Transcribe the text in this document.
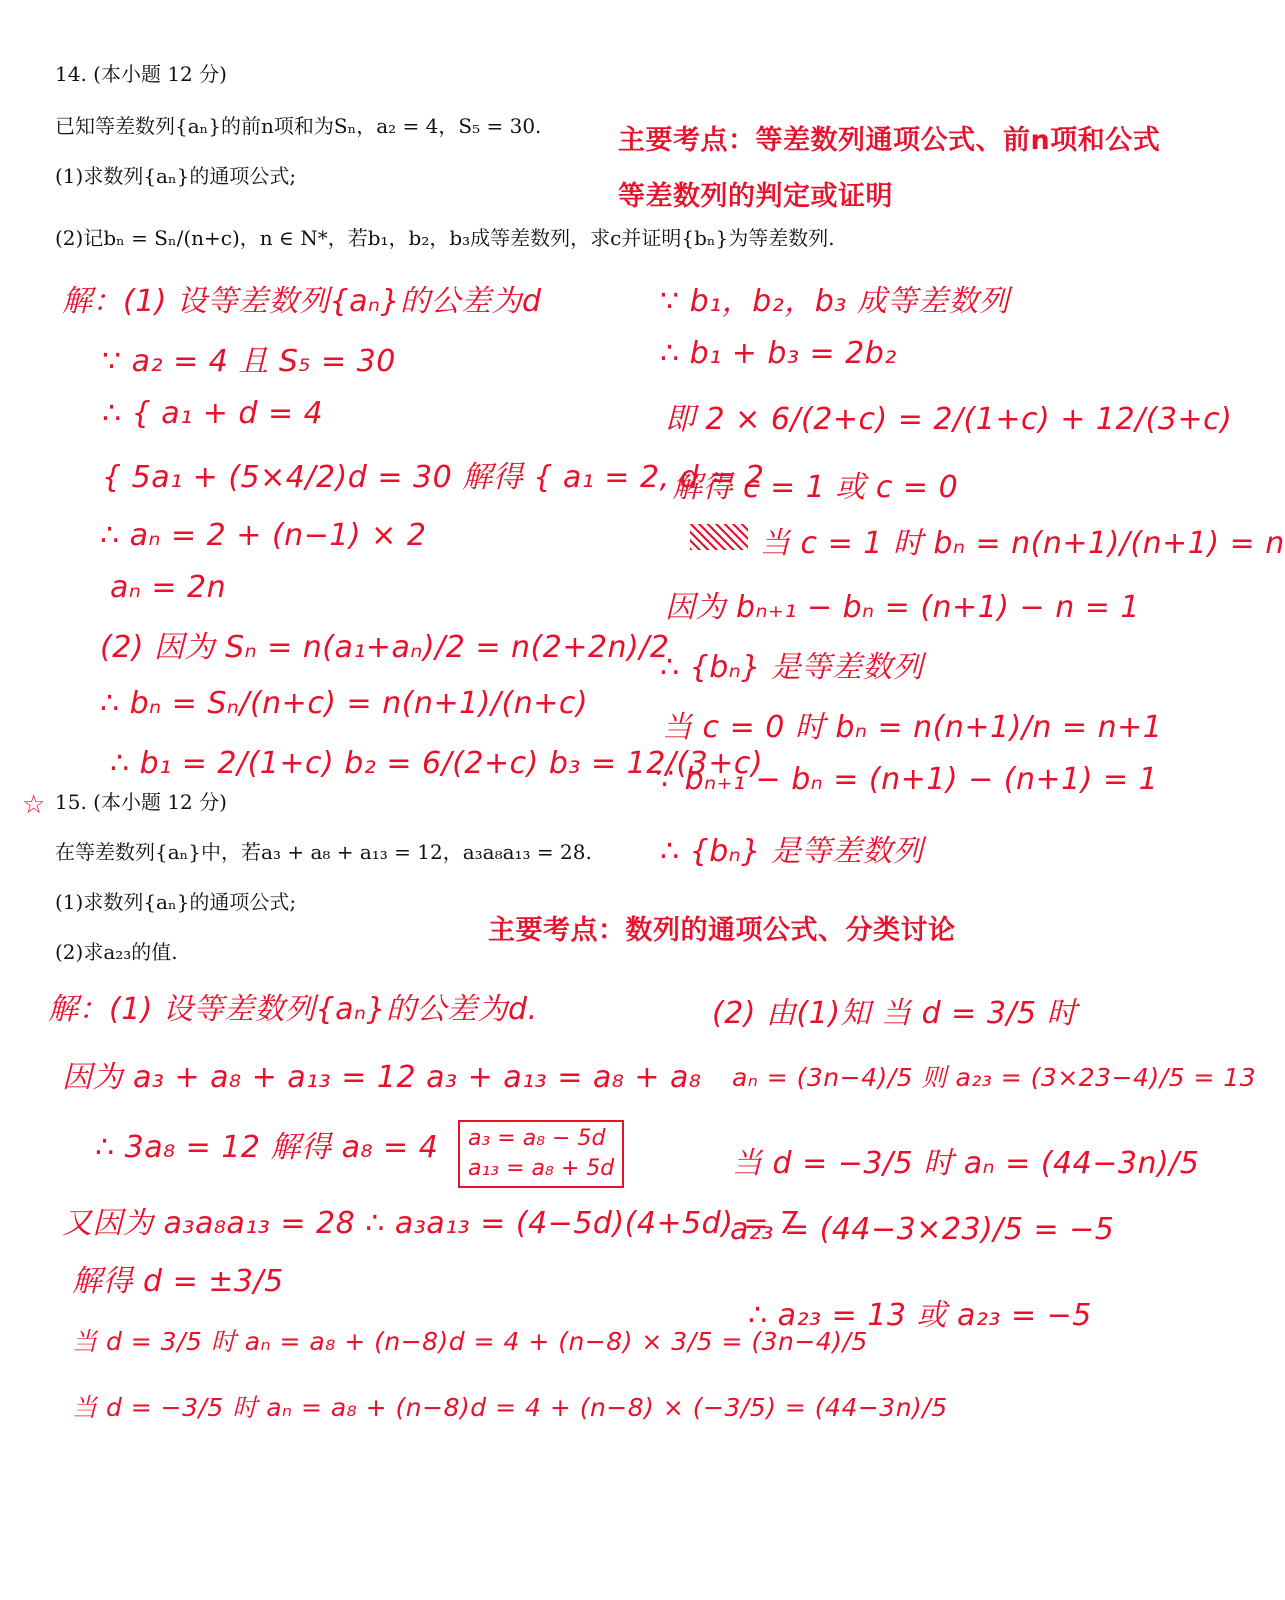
14. (本小题 12 分)
已知等差数列{aₙ}的前n项和为Sₙ，a₂ = 4，S₅ = 30.
(1)求数列{aₙ}的通项公式;
(2)记bₙ = Sₙ/(n+c)，n ∈ N*，若b₁，b₂，b₃成等差数列，求c并证明{bₙ}为等差数列.
主要考点：等差数列通项公式、前n项和公式
等差数列的判定或证明
解：(1) 设等差数列{aₙ}的公差为d
∵ a₂ = 4 且 S₅ = 30
∴ { a₁ + d = 4
{ 5a₁ + (5×4/2)d = 30 解得 { a₁ = 2, d = 2
∴ aₙ = 2 + (n−1) × 2
aₙ = 2n
(2) 因为 Sₙ = n(a₁+aₙ)/2 = n(2+2n)/2
∴ bₙ = Sₙ/(n+c) = n(n+1)/(n+c)
∴ b₁ = 2/(1+c) b₂ = 6/(2+c) b₃ = 12/(3+c)
∵ b₁，b₂，b₃ 成等差数列
∴ b₁ + b₃ = 2b₂
即 2 × 6/(2+c) = 2/(1+c) + 12/(3+c)
解得 c = 1 或 c = 0
当 c = 1 时 bₙ = n(n+1)/(n+1) = n
因为 bₙ₊₁ − bₙ = (n+1) − n = 1
∴ {bₙ} 是等差数列
当 c = 0 时 bₙ = n(n+1)/n = n+1
∵ bₙ₊₁ − bₙ = (n+1) − (n+1) = 1
∴ {bₙ} 是等差数列
☆ 15. (本小题 12 分)
在等差数列{aₙ}中，若a₃ + a₈ + a₁₃ = 12，a₃a₈a₁₃ = 28.
(1)求数列{aₙ}的通项公式;
(2)求a₂₃的值.
主要考点：数列的通项公式、分类讨论
解：(1) 设等差数列{aₙ}的公差为d.
因为 a₃ + a₈ + a₁₃ = 12 a₃ + a₁₃ = a₈ + a₈
∴ 3a₈ = 12 解得 a₈ = 4 a₃ = a₈ − 5d
a₁₃ = a₈ + 5d
又因为 a₃a₈a₁₃ = 28 ∴ a₃a₁₃ = (4−5d)(4+5d) = 7
解得 d = ±3/5
当 d = 3/5 时 aₙ = a₈ + (n−8)d = 4 + (n−8) × 3/5 = (3n−4)/5
当 d = −3/5 时 aₙ = a₈ + (n−8)d = 4 + (n−8) × (−3/5) = (44−3n)/5
(2) 由(1)知 当 d = 3/5 时
aₙ = (3n−4)/5 则 a₂₃ = (3×23−4)/5 = 13
当 d = −3/5 时 aₙ = (44−3n)/5
a₂₃ = (44−3×23)/5 = −5
∴ a₂₃ = 13 或 a₂₃ = −5
